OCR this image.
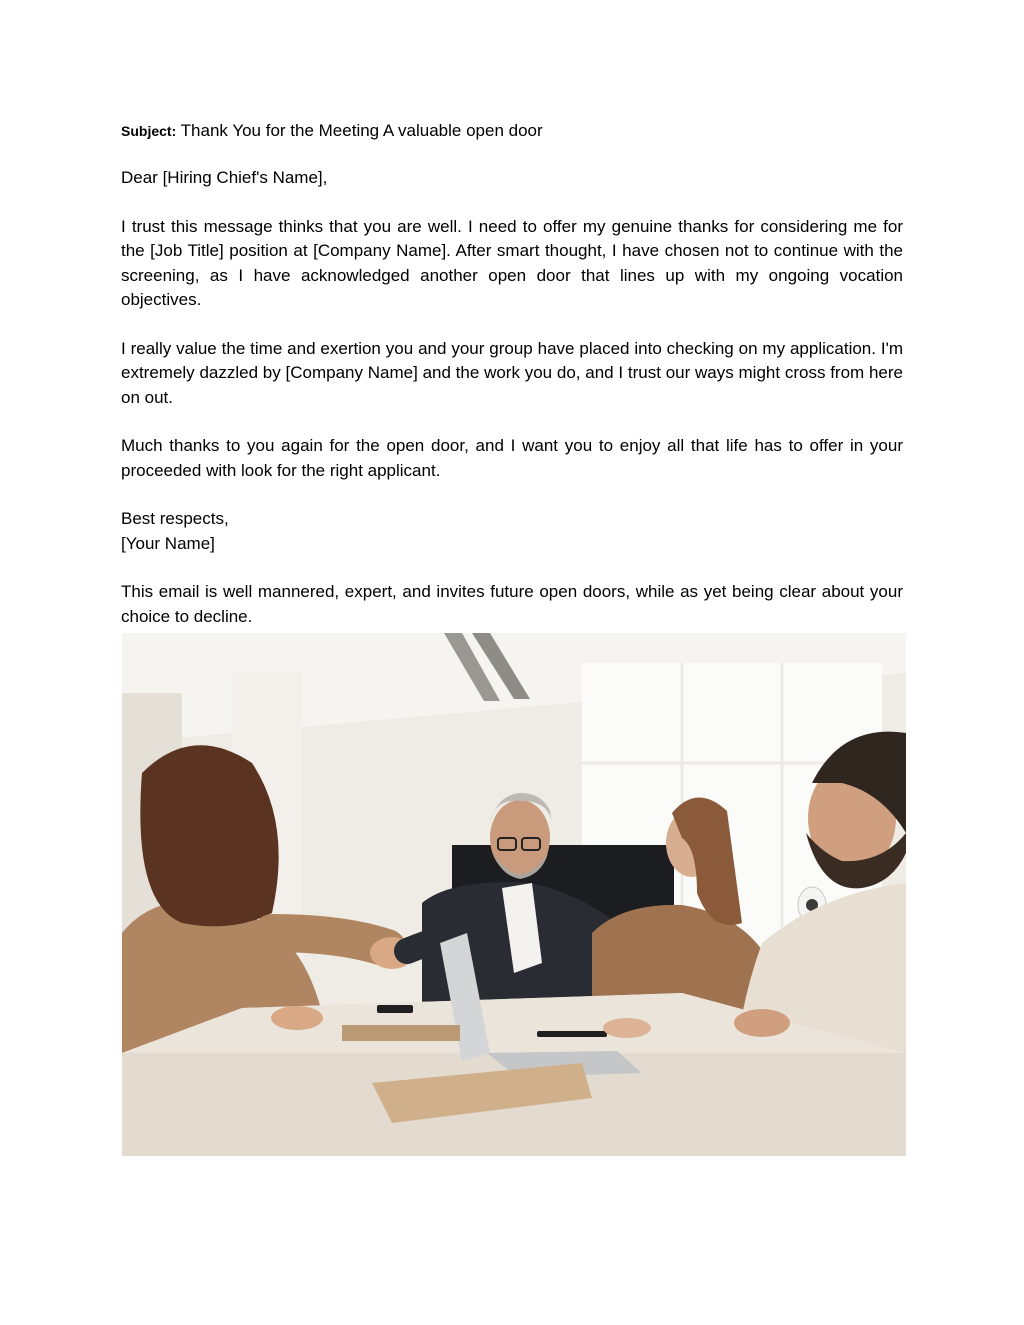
Subject: Thank You for the Meeting A valuable open door

Dear [Hiring Chief's Name],

I trust this message thinks that you are well. I need to offer my genuine thanks for considering me for the [Job Title] position at [Company Name]. After smart thought, I have chosen not to continue with the screening, as I have acknowledged another open door that lines up with my ongoing vocation objectives.

I really value the time and exertion you and your group have placed into checking on my application. I'm extremely dazzled by [Company Name] and the work you do, and I trust our ways might cross from here on out.

Much thanks to you again for the open door, and I want you to enjoy all that life has to offer in your proceeded with look for the right applicant.

Best respects,
[Your Name]

This email is well mannered, expert, and invites future open doors, while as yet being clear about your choice to decline.
